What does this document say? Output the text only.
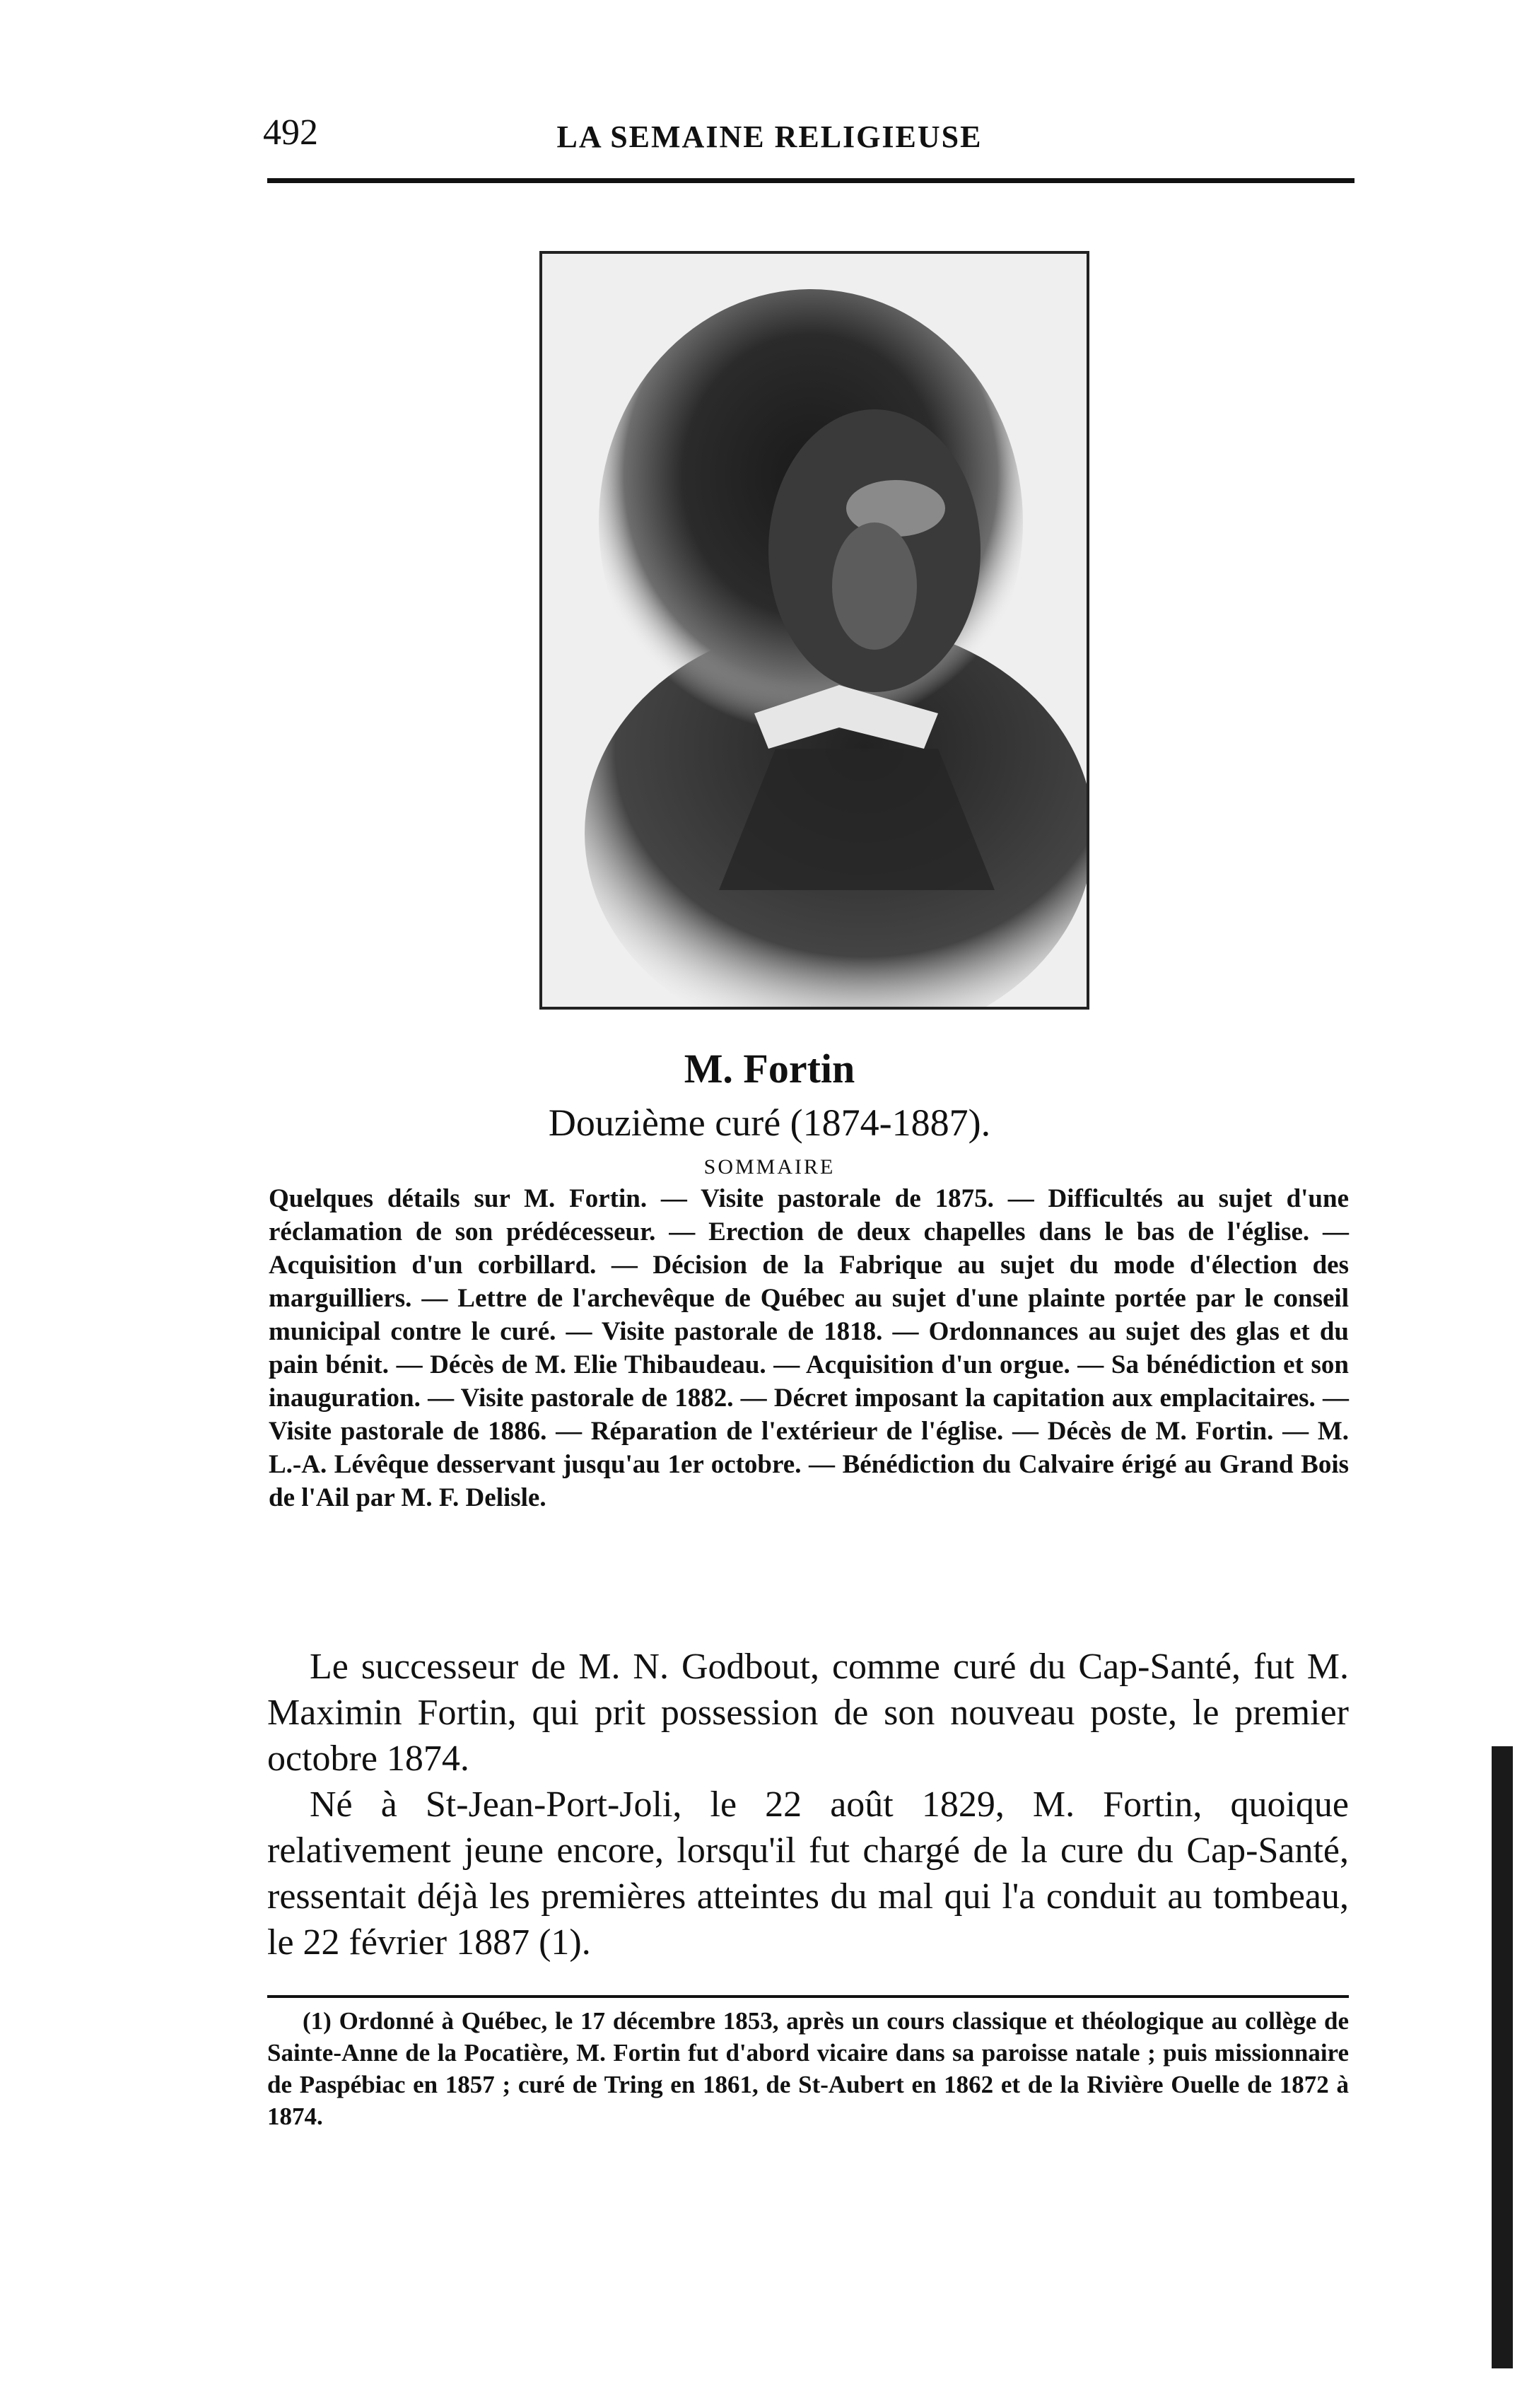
492	LA SEMAINE RELIGIEUSE
M. Fortin
Douzième curé (1874-1887).
SOMMAIRE
Quelques détails sur M. Fortin. — Visite pastorale de 1875. — Difficultés au sujet d'une réclamation de son prédécesseur. — Erection de deux chapelles dans le bas de l'église. — Acquisition d'un corbillard. — Décision de la Fabrique au sujet du mode d'élection des marguilliers. — Lettre de l'archevêque de Québec au sujet d'une plainte portée par le conseil municipal contre le curé. — Visite pastorale de 1818. — Ordonnances au sujet des glas et du pain bénit. — Décès de M. Elie Thibaudeau. — Acquisition d'un orgue. — Sa bénédiction et son inauguration. — Visite pastorale de 1882. — Décret imposant la capitation aux emplacitaires. — Visite pastorale de 1886. — Réparation de l'extérieur de l'église. — Décès de M. Fortin. — M. L.-A. Lévêque desservant jusqu'au 1er octobre. — Bénédiction du Calvaire érigé au Grand Bois de l'Ail par M. F. Delisle.

Le successeur de M. N. Godbout, comme curé du Cap-Santé, fut M. Maximin Fortin, qui prit possession de son nouveau poste, le premier octobre 1874.

Né à St-Jean-Port-Joli, le 22 août 1829, M. Fortin, quoique relativement jeune encore, lorsqu'il fut chargé de la cure du Cap-Santé, ressentait déjà les premières atteintes du mal qui l'a conduit au tombeau, le 22 février 1887 (1).

(1) Ordonné à Québec, le 17 décembre 1853, après un cours classique et théologique au collège de Sainte-Anne de la Pocatière, M. Fortin fut d'abord vicaire dans sa paroisse natale ; puis missionnaire de Paspébiac en 1857 ; curé de Tring en 1861, de St-Aubert en 1862 et de la Rivière Ouelle de 1872 à 1874.
